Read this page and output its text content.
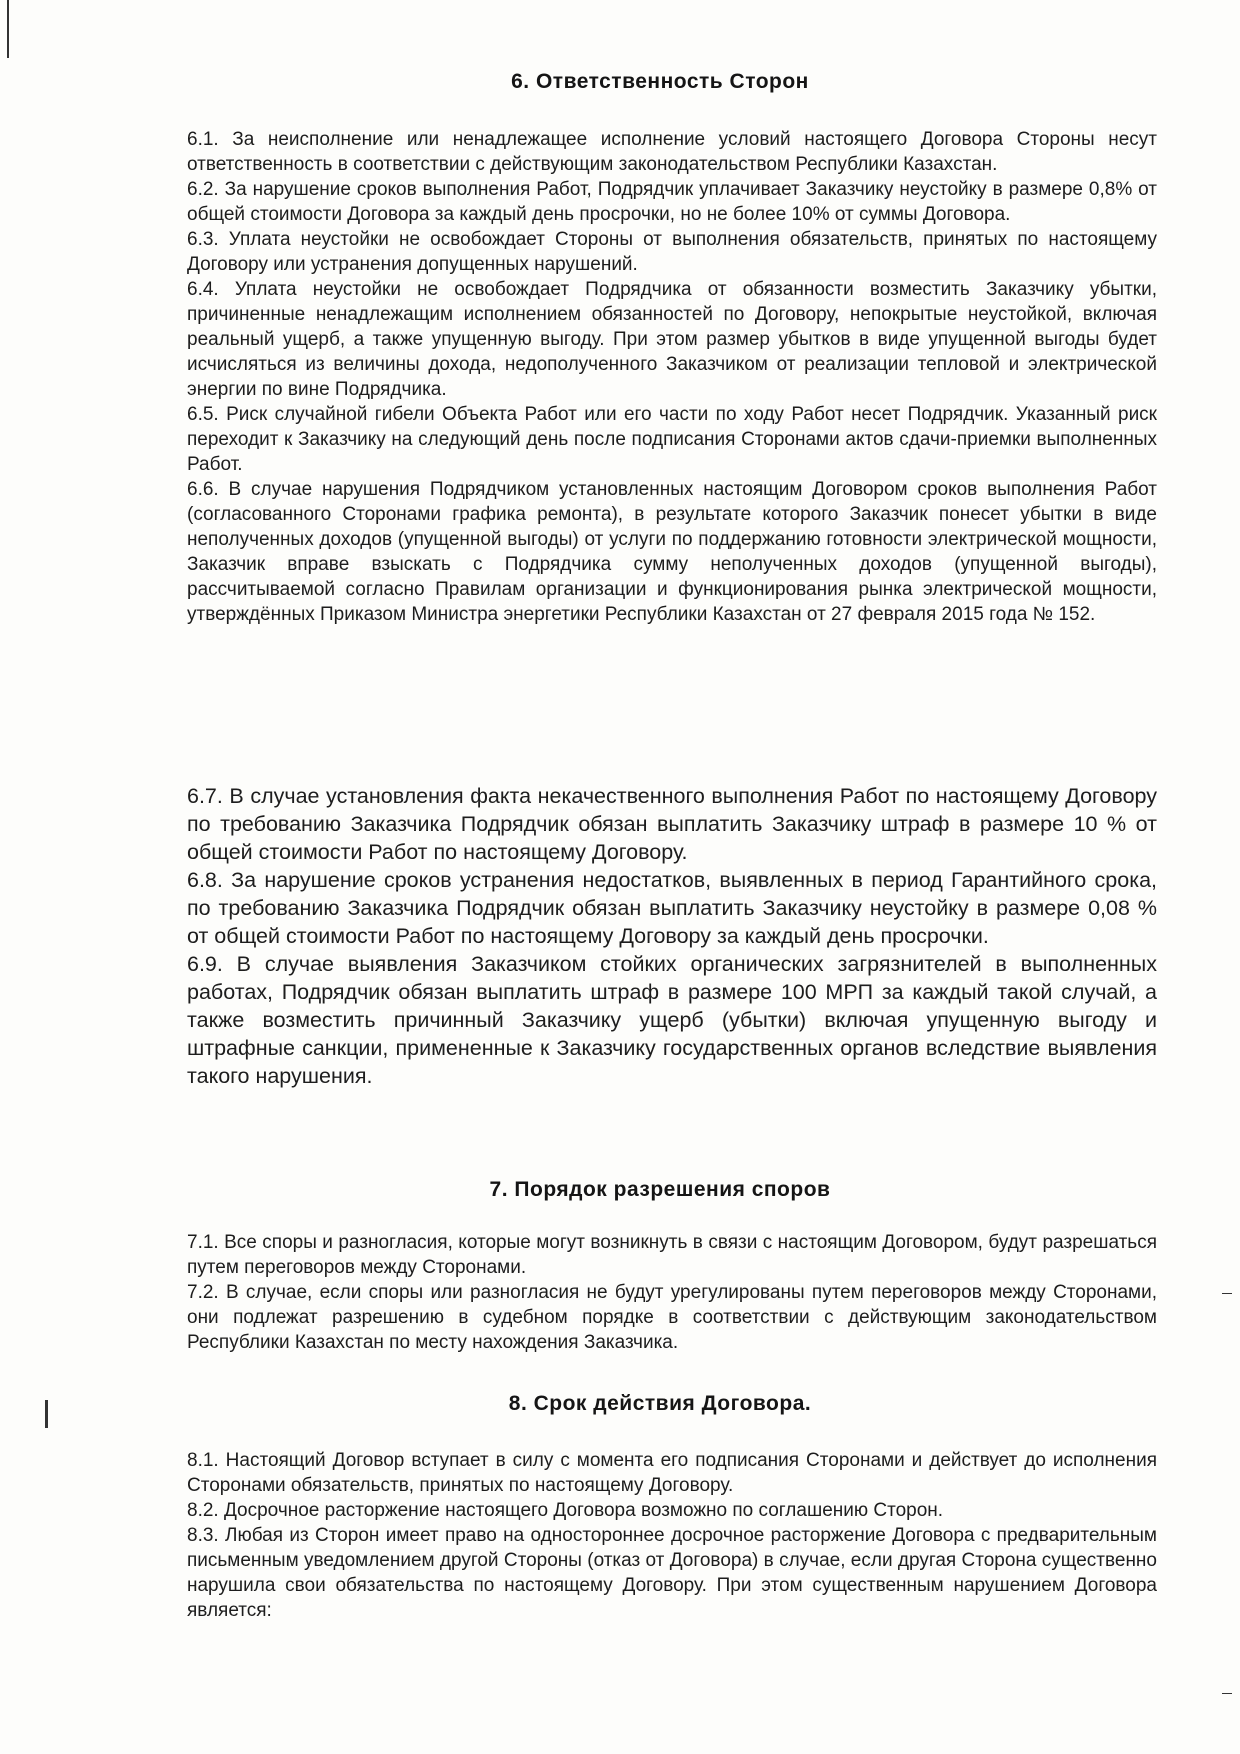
6. Ответственность Сторон

6.1. За неисполнение или ненадлежащее исполнение условий настоящего Договора Стороны несут ответственность в соответствии с действующим законодательством Республики Казахстан.

6.2. За нарушение сроков выполнения Работ, Подрядчик уплачивает Заказчику неустойку в размере 0,8% от общей стоимости Договора за каждый день просрочки, но не более 10% от суммы Договора.

6.3. Уплата неустойки не освобождает Стороны от выполнения обязательств, принятых по настоящему Договору или устранения допущенных нарушений.

6.4. Уплата неустойки не освобождает Подрядчика от обязанности возместить Заказчику убытки, причиненные ненадлежащим исполнением обязанностей по Договору, непокрытые неустойкой, включая реальный ущерб, а также упущенную выгоду. При этом размер убытков в виде упущенной выгоды будет исчисляться из величины дохода, недополученного Заказчиком от реализации тепловой и электрической энергии по вине Подрядчика.

6.5. Риск случайной гибели Объекта Работ или его части по ходу Работ несет Подрядчик. Указанный риск переходит к Заказчику на следующий день после подписания Сторонами актов сдачи-приемки выполненных Работ.

6.6. В случае нарушения Подрядчиком установленных настоящим Договором сроков выполнения Работ (согласованного Сторонами графика ремонта), в результате которого Заказчик понесет убытки в виде неполученных доходов (упущенной выгоды) от услуги по поддержанию готовности электрической мощности, Заказчик вправе взыскать с Подрядчика сумму неполученных доходов (упущенной выгоды), рассчитываемой согласно Правилам организации и функционирования рынка электрической мощности, утверждённых Приказом Министра энергетики Республики Казахстан от 27 февраля 2015 года № 152.

6.7. В случае установления факта некачественного выполнения Работ по настоящему Договору по требованию Заказчика Подрядчик обязан выплатить Заказчику штраф в размере 10 % от общей стоимости Работ по настоящему Договору.

6.8. За нарушение сроков устранения недостатков, выявленных в период Гарантийного срока, по требованию Заказчика Подрядчик обязан выплатить Заказчику неустойку в размере 0,08 % от общей стоимости Работ по настоящему Договору за каждый день просрочки.

6.9. В случае выявления Заказчиком стойких органических загрязнителей в выполненных работах, Подрядчик обязан выплатить штраф в размере 100 МРП за каждый такой случай, а также возместить причинный Заказчику ущерб (убытки) включая упущенную выгоду и штрафные санкции, примененные к Заказчику государственных органов вследствие выявления такого нарушения.

7. Порядок разрешения споров

7.1. Все споры и разногласия, которые могут возникнуть в связи с настоящим Договором, будут разрешаться путем переговоров между Сторонами.

7.2. В случае, если споры или разногласия не будут урегулированы путем переговоров между Сторонами, они подлежат разрешению в судебном порядке в соответствии с действующим законодательством Республики Казахстан по месту нахождения Заказчика.

8. Срок действия Договора.

8.1. Настоящий Договор вступает в силу с момента его подписания Сторонами и действует до исполнения Сторонами обязательств, принятых по настоящему Договору.

8.2. Досрочное расторжение настоящего Договора возможно по соглашению Сторон.

8.3. Любая из Сторон имеет право на одностороннее досрочное расторжение Договора с предварительным письменным уведомлением другой Стороны (отказ от Договора) в случае, если другая Сторона существенно нарушила свои обязательства по настоящему Договору. При этом существенным нарушением Договора является:
